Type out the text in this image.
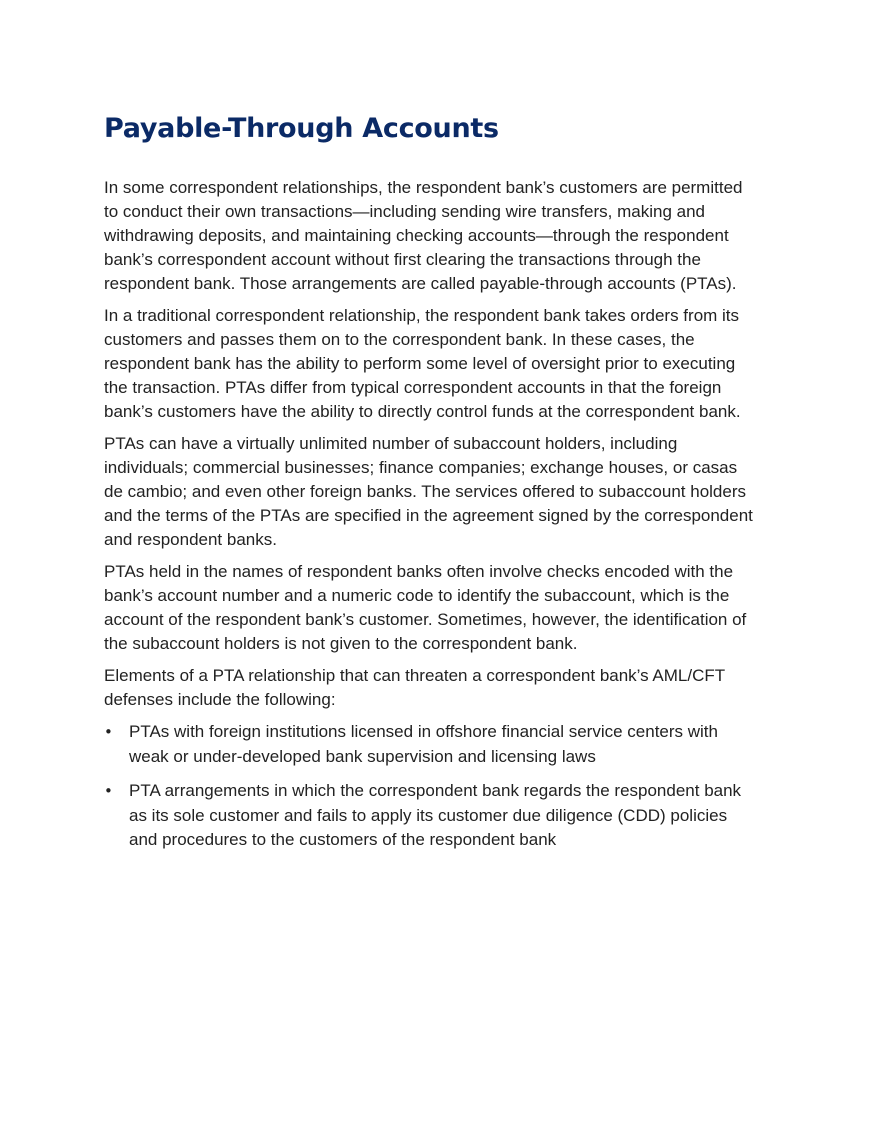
Payable-Through Accounts

In some correspondent relationships, the respondent bank’s customers are permitted to conduct their own transactions—including sending wire transfers, making and withdrawing deposits, and maintaining checking accounts—through the respondent bank’s correspondent account without first clearing the transactions through the respondent bank. Those arrangements are called payable-through accounts (PTAs).

In a traditional correspondent relationship, the respondent bank takes orders from its customers and passes them on to the correspondent bank. In these cases, the respondent bank has the ability to perform some level of oversight prior to executing the transaction. PTAs differ from typical correspondent accounts in that the foreign bank’s customers have the ability to directly control funds at the correspondent bank.

PTAs can have a virtually unlimited number of subaccount holders, including individuals; commercial businesses; finance companies; exchange houses, or casas de cambio; and even other foreign banks. The services offered to subaccount holders and the terms of the PTAs are specified in the agreement signed by the correspondent and respondent banks.

PTAs held in the names of respondent banks often involve checks encoded with the bank’s account number and a numeric code to identify the subaccount, which is the account of the respondent bank’s customer. Sometimes, however, the identification of the subaccount holders is not given to the correspondent bank.

Elements of a PTA relationship that can threaten a correspondent bank’s AML/CFT defenses include the following:

• PTAs with foreign institutions licensed in offshore financial service centers with weak or under-developed bank supervision and licensing laws
• PTA arrangements in which the correspondent bank regards the respondent bank as its sole customer and fails to apply its customer due diligence (CDD) policies and procedures to the customers of the respondent bank
